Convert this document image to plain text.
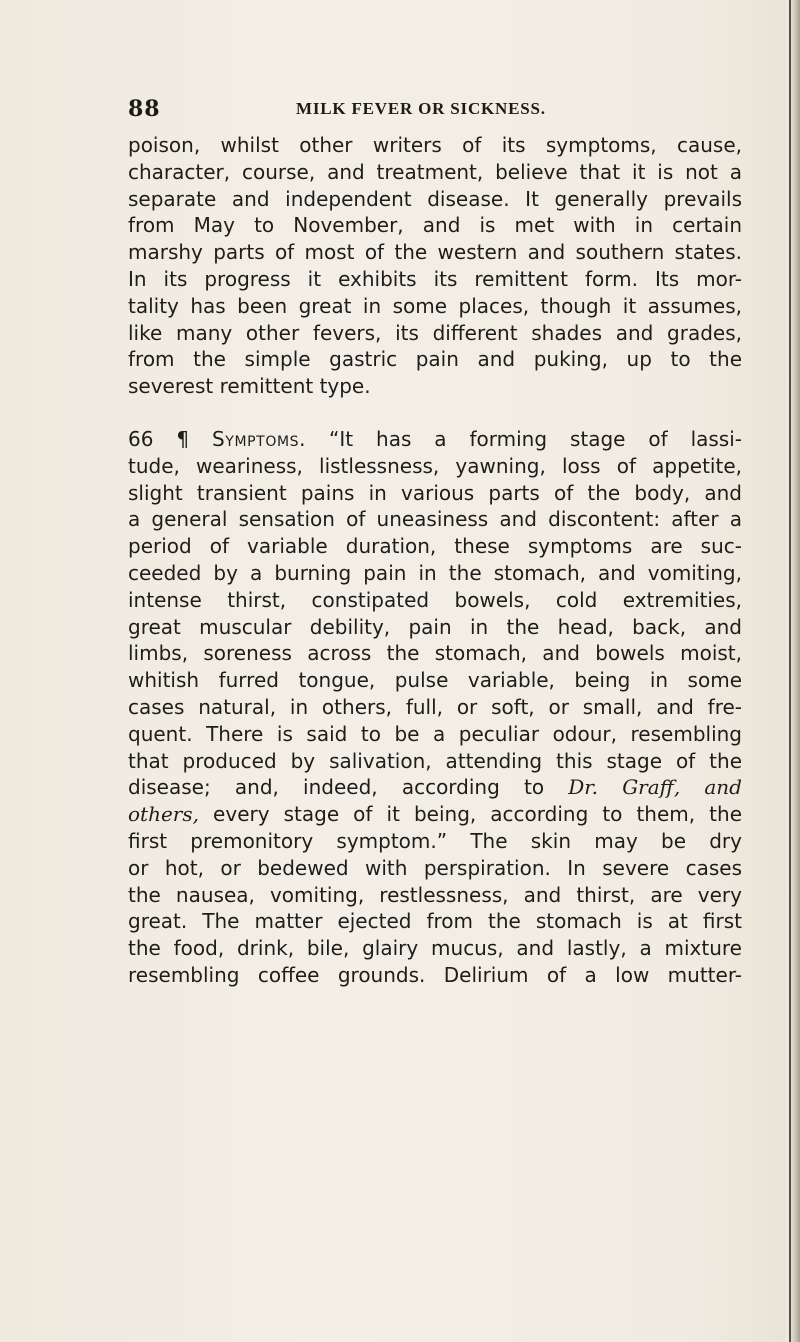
88	MILK FEVER OR SICKNESS.

poison, whilst other writers of its symptoms, cause,
character, course, and treatment, believe that it is not a
separate and independent disease. It generally prevails
from May to November, and is met with in certain
marshy parts of most of the western and southern states.
In its progress it exhibits its remittent form. Its mor-
tality has been great in some places, though it assumes,
like many other fevers, its different shades and grades,
from the simple gastric pain and puking, up to the
severest remittent type.

66 ¶ Symptoms. “It has a forming stage of lassi-
tude, weariness, listlessness, yawning, loss of appetite,
slight transient pains in various parts of the body, and
a general sensation of uneasiness and discontent: after a
period of variable duration, these symptoms are suc-
ceeded by a burning pain in the stomach, and vomiting,
intense thirst, constipated bowels, cold extremities,
great muscular debility, pain in the head, back, and
limbs, soreness across the stomach, and bowels moist,
whitish furred tongue, pulse variable, being in some
cases natural, in others, full, or soft, or small, and fre-
quent. There is said to be a peculiar odour, resembling
that produced by salivation, attending this stage of the
disease; and, indeed, according to Dr. Graff, and
others, every stage of it being, according to them, the
first premonitory symptom.” The skin may be dry
or hot, or bedewed with perspiration. In severe cases
the nausea, vomiting, restlessness, and thirst, are very
great. The matter ejected from the stomach is at first
the food, drink, bile, glairy mucus, and lastly, a mixture
resembling coffee grounds. Delirium of a low mutter-
